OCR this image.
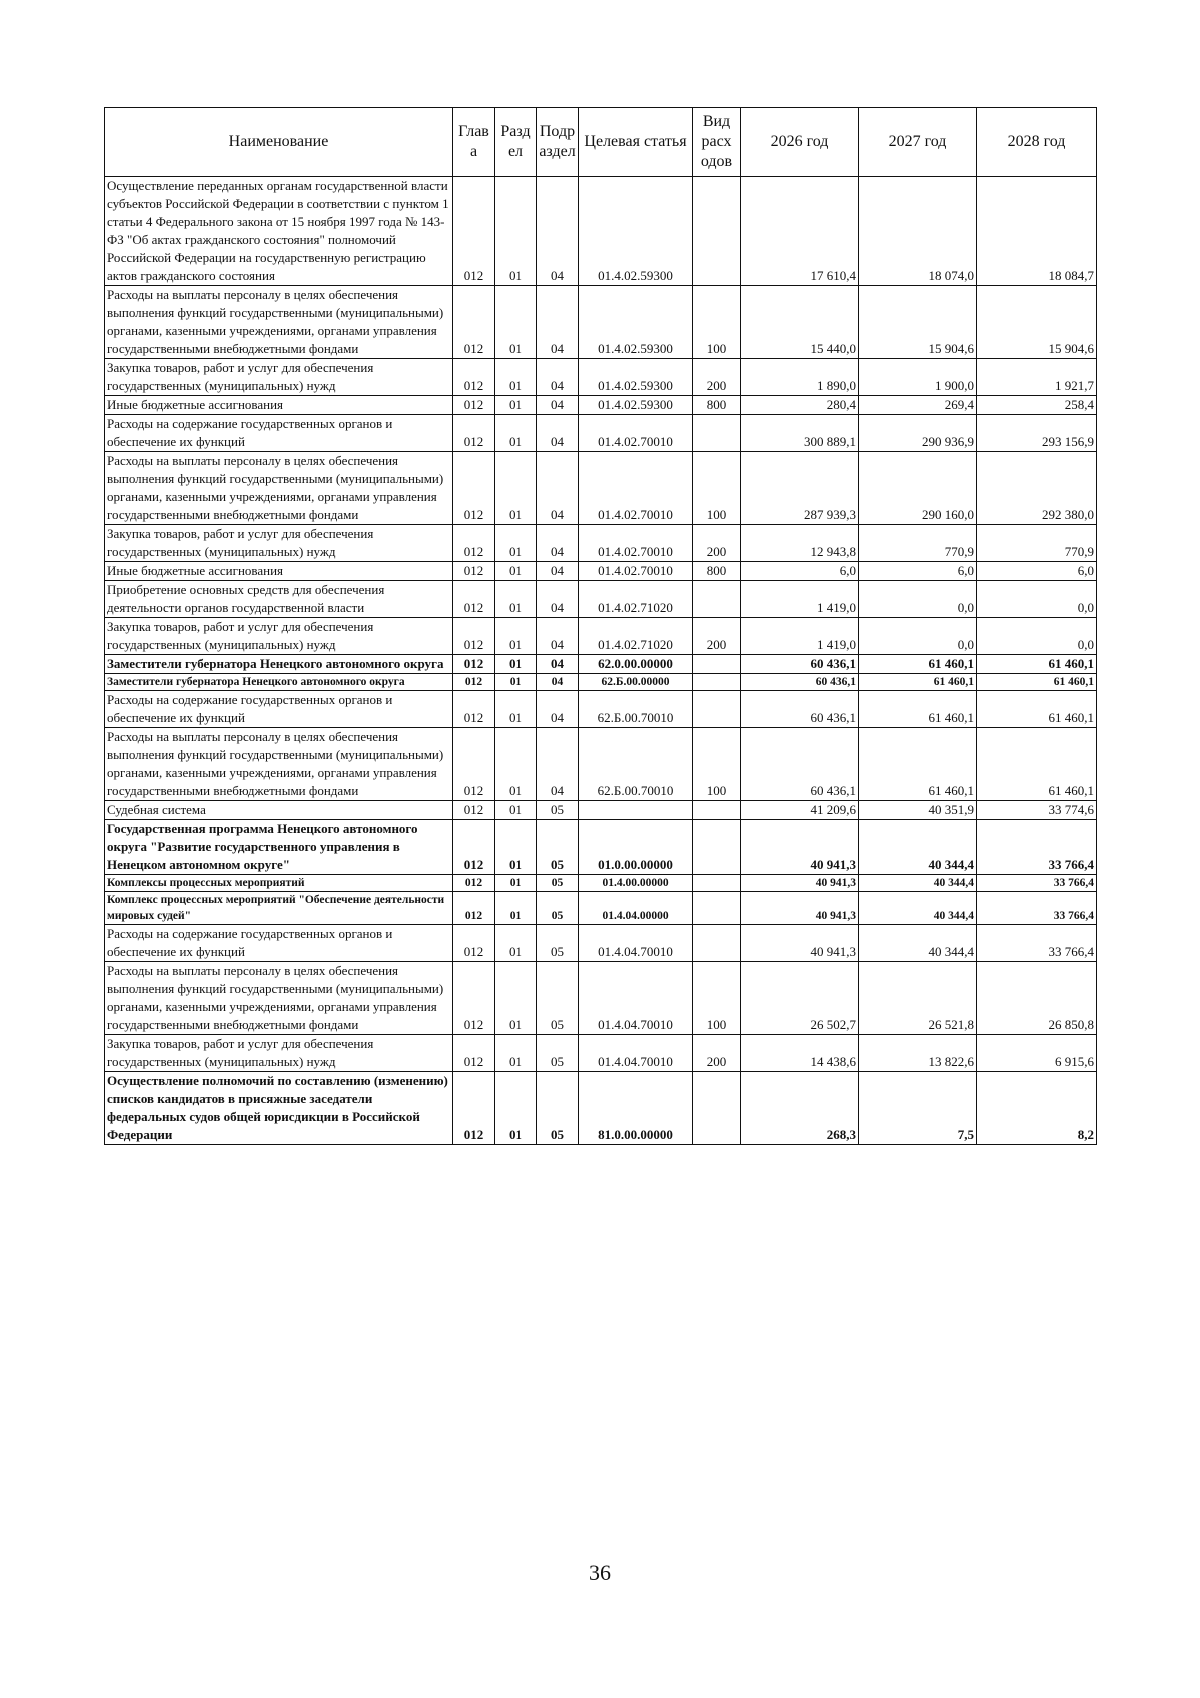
Наименование	Глав а	Разд ел	Подр аздел	Целевая статья	Вид расх одов	2026 год	2027 год	2028 год
Осуществление переданных органам государственной власти субъектов Российской Федерации в соответствии с пунктом 1 статьи 4 Федерального закона от 15 ноября 1997 года № 143-ФЗ "Об актах гражданского состояния" полномочий Российской Федерации на государственную регистрацию актов гражданского состояния	012	01	04	01.4.02.59300		17 610,4	18 074,0	18 084,7
Расходы на выплаты персоналу в целях обеспечения выполнения функций государственными (муниципальными) органами, казенными учреждениями, органами управления государственными внебюджетными фондами	012	01	04	01.4.02.59300	100	15 440,0	15 904,6	15 904,6
Закупка товаров, работ и услуг для обеспечения государственных (муниципальных) нужд	012	01	04	01.4.02.59300	200	1 890,0	1 900,0	1 921,7
Иные бюджетные ассигнования	012	01	04	01.4.02.59300	800	280,4	269,4	258,4
Расходы на содержание государственных органов и обеспечение их функций	012	01	04	01.4.02.70010		300 889,1	290 936,9	293 156,9
Расходы на выплаты персоналу в целях обеспечения выполнения функций государственными (муниципальными) органами, казенными учреждениями, органами управления государственными внебюджетными фондами	012	01	04	01.4.02.70010	100	287 939,3	290 160,0	292 380,0
Закупка товаров, работ и услуг для обеспечения государственных (муниципальных) нужд	012	01	04	01.4.02.70010	200	12 943,8	770,9	770,9
Иные бюджетные ассигнования	012	01	04	01.4.02.70010	800	6,0	6,0	6,0
Приобретение основных средств для обеспечения деятельности органов государственной власти	012	01	04	01.4.02.71020		1 419,0	0,0	0,0
Закупка товаров, работ и услуг для обеспечения государственных (муниципальных) нужд	012	01	04	01.4.02.71020	200	1 419,0	0,0	0,0
Заместители губернатора Ненецкого автономного округа	012	01	04	62.0.00.00000		60 436,1	61 460,1	61 460,1
Заместители губернатора Ненецкого автономного округа	012	01	04	62.Б.00.00000		60 436,1	61 460,1	61 460,1
Расходы на содержание государственных органов и обеспечение их функций	012	01	04	62.Б.00.70010		60 436,1	61 460,1	61 460,1
Расходы на выплаты персоналу в целях обеспечения выполнения функций государственными (муниципальными) органами, казенными учреждениями, органами управления государственными внебюджетными фондами	012	01	04	62.Б.00.70010	100	60 436,1	61 460,1	61 460,1
Судебная система	012	01	05			41 209,6	40 351,9	33 774,6
Государственная программа Ненецкого автономного округа "Развитие государственного управления в Ненецком автономном округе"	012	01	05	01.0.00.00000		40 941,3	40 344,4	33 766,4
Комплексы процессных мероприятий	012	01	05	01.4.00.00000		40 941,3	40 344,4	33 766,4
Комплекс процессных мероприятий "Обеспечение деятельности мировых судей"	012	01	05	01.4.04.00000		40 941,3	40 344,4	33 766,4
Расходы на содержание государственных органов и обеспечение их функций	012	01	05	01.4.04.70010		40 941,3	40 344,4	33 766,4
Расходы на выплаты персоналу в целях обеспечения выполнения функций государственными (муниципальными) органами, казенными учреждениями, органами управления государственными внебюджетными фондами	012	01	05	01.4.04.70010	100	26 502,7	26 521,8	26 850,8
Закупка товаров, работ и услуг для обеспечения государственных (муниципальных) нужд	012	01	05	01.4.04.70010	200	14 438,6	13 822,6	6 915,6
Осуществление полномочий по составлению (изменению) списков кандидатов в присяжные заседатели федеральных судов общей юрисдикции в Российской Федерации	012	01	05	81.0.00.00000		268,3	7,5	8,2
36
